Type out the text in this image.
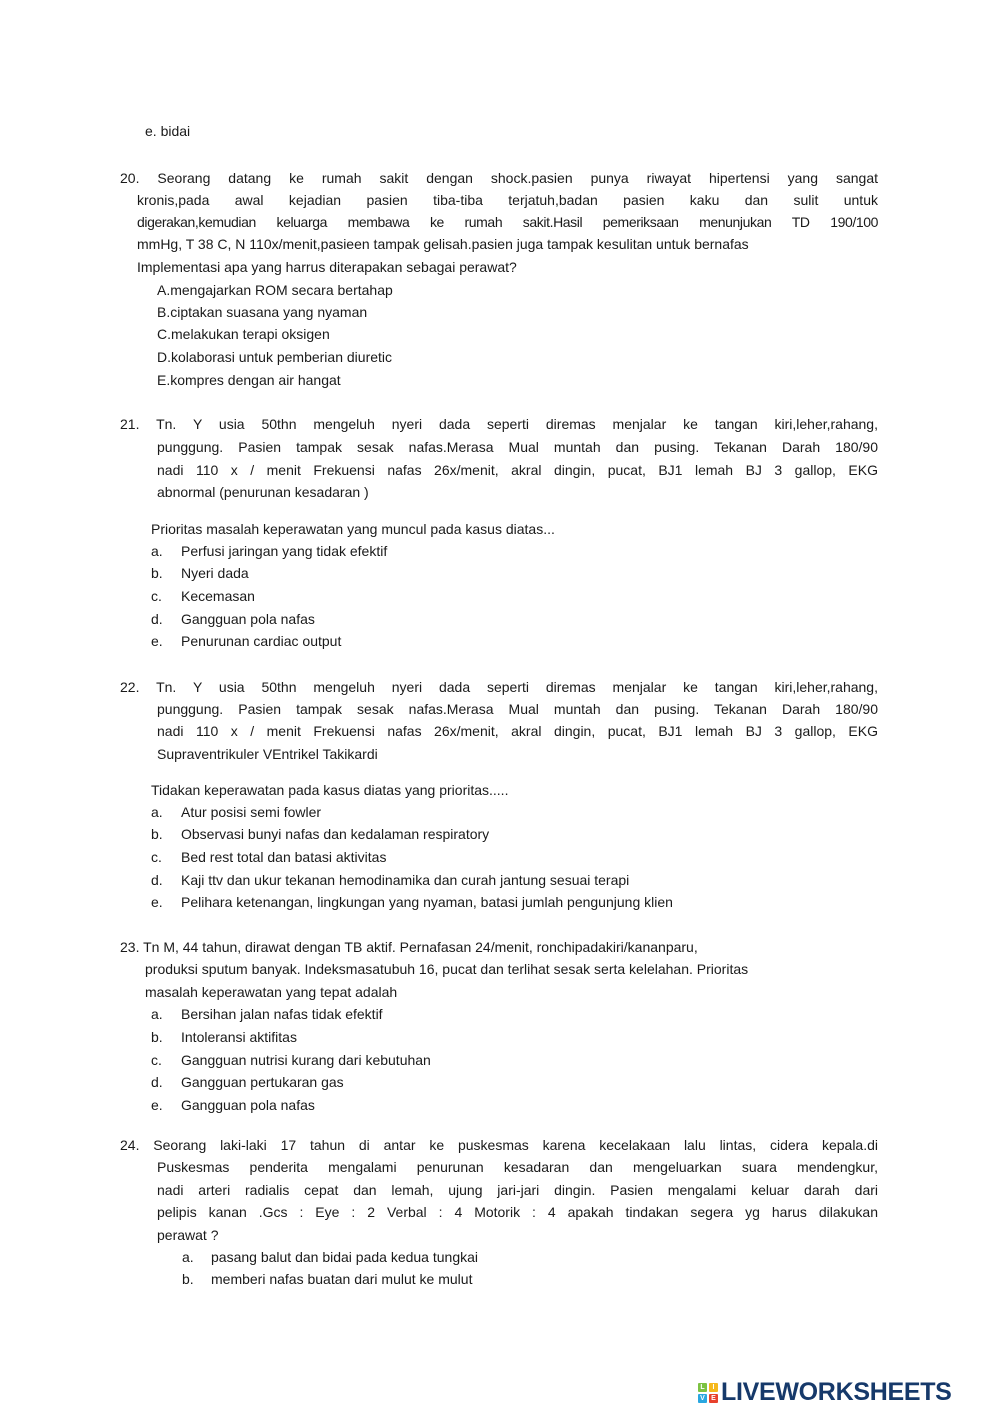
e. bidai
20. Seorang datang ke rumah sakit dengan shock.pasien punya riwayat hipertensi yang sangat
kronis,pada awal kejadian pasien tiba-tiba terjatuh,badan pasien kaku dan sulit untuk
digerakan,kemudian keluarga membawa ke rumah sakit.Hasil pemeriksaan menunjukan TD 190/100
mmHg, T 38 C, N 110x/menit,pasieen tampak gelisah.pasien juga tampak kesulitan untuk bernafas
Implementasi apa yang harrus diterapakan sebagai perawat?
A.mengajarkan ROM secara bertahap
B.ciptakan suasana yang nyaman
C.melakukan terapi oksigen
D.kolaborasi untuk pemberian diuretic
E.kompres dengan air hangat
21. Tn. Y usia 50thn mengeluh nyeri dada seperti diremas menjalar ke tangan kiri,leher,rahang,
punggung. Pasien tampak sesak nafas.Merasa Mual muntah dan pusing. Tekanan Darah 180/90
nadi 110 x / menit Frekuensi nafas 26x/menit, akral dingin, pucat, BJ1 lemah BJ 3 gallop, EKG
abnormal (penurunan kesadaran )
Prioritas masalah keperawatan yang muncul pada kasus diatas...
a. Perfusi jaringan yang tidak efektif
b. Nyeri dada
c. Kecemasan
d. Gangguan pola nafas
e. Penurunan cardiac output
22. Tn. Y usia 50thn mengeluh nyeri dada seperti diremas menjalar ke tangan kiri,leher,rahang,
punggung. Pasien tampak sesak nafas.Merasa Mual muntah dan pusing. Tekanan Darah 180/90
nadi 110 x / menit Frekuensi nafas 26x/menit, akral dingin, pucat, BJ1 lemah BJ 3 gallop, EKG
Supraventrikuler VEntrikel Takikardi
Tidakan keperawatan pada kasus diatas yang prioritas.....
a. Atur posisi semi fowler
b. Observasi bunyi nafas dan kedalaman respiratory
c. Bed rest total dan batasi aktivitas
d. Kaji ttv dan ukur tekanan hemodinamika dan curah jantung sesuai terapi
e. Pelihara ketenangan, lingkungan yang nyaman, batasi jumlah pengunjung klien
23. Tn M, 44 tahun, dirawat dengan TB aktif. Pernafasan 24/menit, ronchipadakiri/kananparu,
produksi sputum banyak. Indeksmasatubuh 16, pucat dan terlihat sesak serta kelelahan. Prioritas
masalah keperawatan yang tepat adalah
a. Bersihan jalan nafas tidak efektif
b. Intoleransi aktifitas
c. Gangguan nutrisi kurang dari kebutuhan
d. Gangguan pertukaran gas
e. Gangguan pola nafas
24. Seorang laki-laki 17 tahun di antar ke puskesmas karena kecelakaan lalu lintas, cidera kepala.di
Puskesmas penderita mengalami penurunan kesadaran dan mengeluarkan suara mendengkur,
nadi arteri radialis cepat dan lemah, ujung jari-jari dingin. Pasien mengalami keluar darah dari
pelipis kanan .Gcs : Eye : 2 Verbal : 4 Motorik : 4 apakah tindakan segera yg harus dilakukan
perawat ?
a. pasang balut dan bidai pada kedua tungkai
b. memberi nafas buatan dari mulut ke mulut
L	I
V E LIVEWORKSHEETS
